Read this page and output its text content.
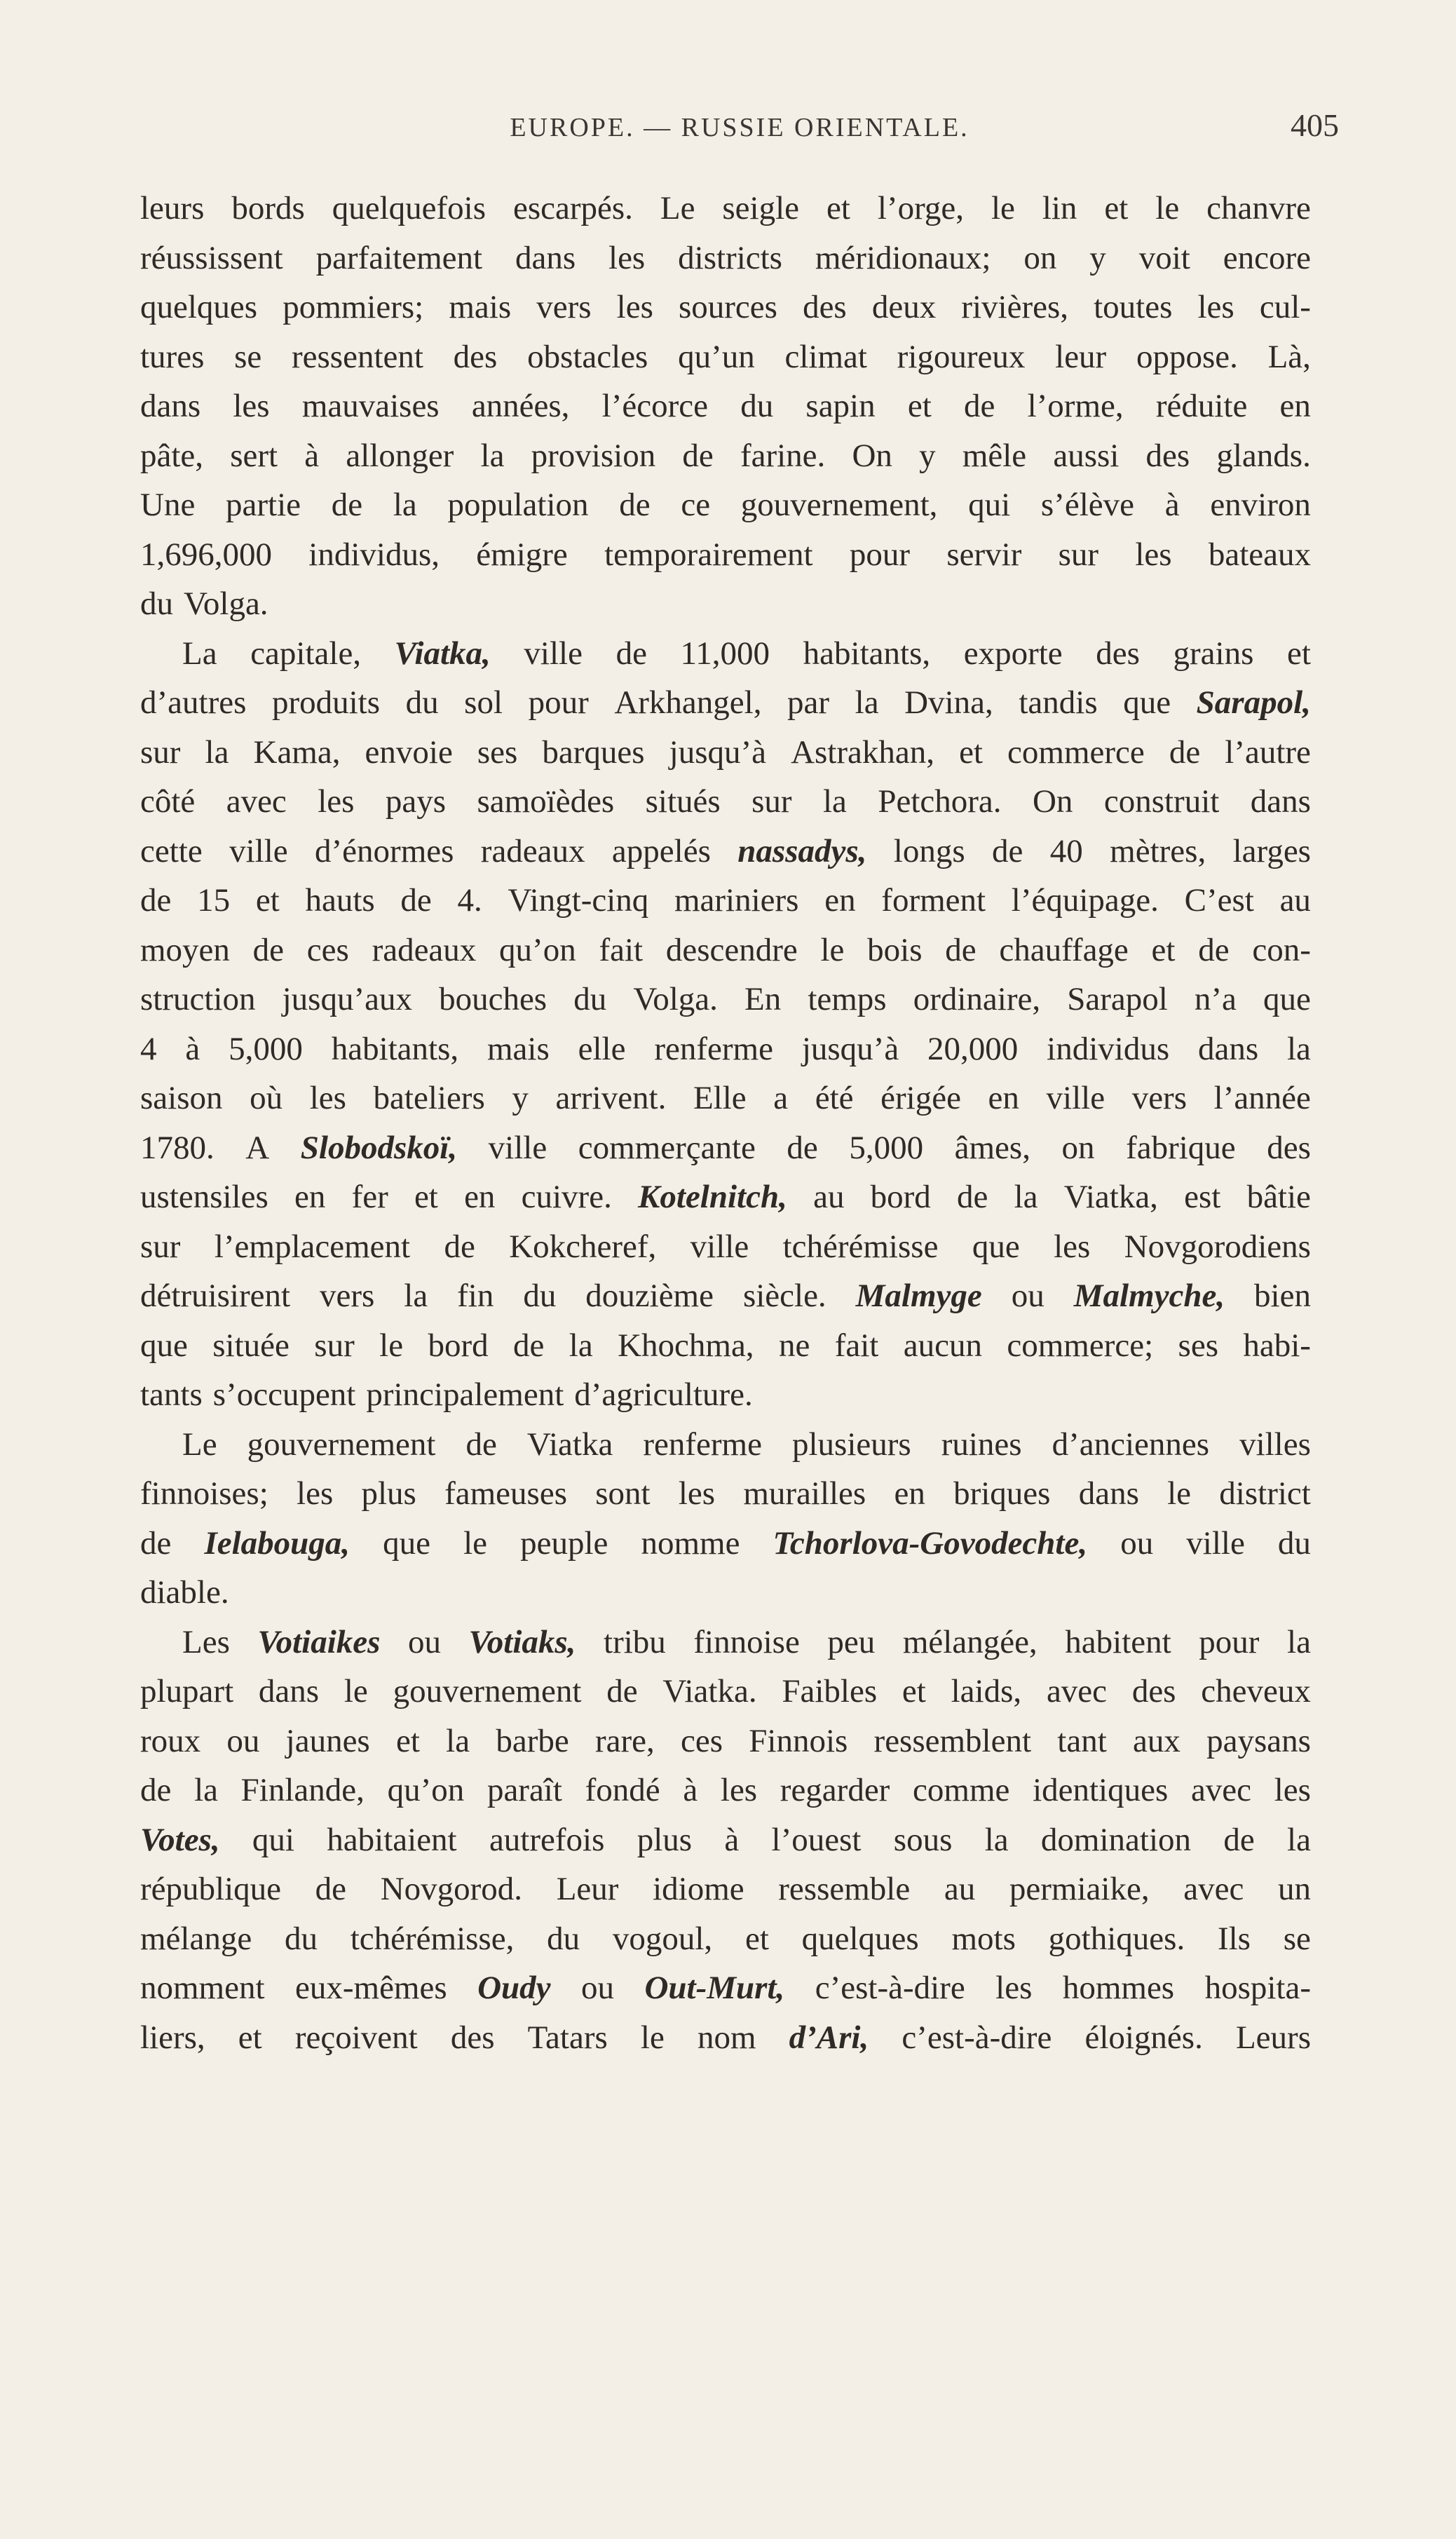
EUROPE. — RUSSIE ORIENTALE.	405
leurs bords quelquefois escarpés. Le seigle et l’orge, le lin et le chanvre
réussissent parfaitement dans les districts méridionaux; on y voit encore
quelques pommiers; mais vers les sources des deux rivières, toutes les cul-
tures se ressentent des obstacles qu’un climat rigoureux leur oppose. Là,
dans les mauvaises années, l’écorce du sapin et de l’orme, réduite en
pâte, sert à allonger la provision de farine. On y mêle aussi des glands.
Une partie de la population de ce gouvernement, qui s’élève à environ
1,696,000 individus, émigre temporairement pour servir sur les bateaux
du Volga.
La capitale, Viatka, ville de 11,000 habitants, exporte des grains et
d’autres produits du sol pour Arkhangel, par la Dvina, tandis que Sarapol,
sur la Kama, envoie ses barques jusqu’à Astrakhan, et commerce de l’autre
côté avec les pays samoïèdes situés sur la Petchora. On construit dans
cette ville d’énormes radeaux appelés nassadys, longs de 40 mètres, larges
de 15 et hauts de 4. Vingt-cinq mariniers en forment l’équipage. C’est au
moyen de ces radeaux qu’on fait descendre le bois de chauffage et de con-
struction jusqu’aux bouches du Volga. En temps ordinaire, Sarapol n’a que
4 à 5,000 habitants, mais elle renferme jusqu’à 20,000 individus dans la
saison où les bateliers y arrivent. Elle a été érigée en ville vers l’année
1780. A Slobodskoï, ville commerçante de 5,000 âmes, on fabrique des
ustensiles en fer et en cuivre. Kotelnitch, au bord de la Viatka, est bâtie
sur l’emplacement de Kokcheref, ville tchérémisse que les Novgorodiens
détruisirent vers la fin du douzième siècle. Malmyge ou Malmyche, bien
que située sur le bord de la Khochma, ne fait aucun commerce; ses habi-
tants s’occupent principalement d’agriculture.
Le gouvernement de Viatka renferme plusieurs ruines d’anciennes villes
finnoises; les plus fameuses sont les murailles en briques dans le district
de Ielabouga, que le peuple nomme Tchorlova-Govodechte, ou ville du
diable.
Les Votiaikes ou Votiaks, tribu finnoise peu mélangée, habitent pour la
plupart dans le gouvernement de Viatka. Faibles et laids, avec des cheveux
roux ou jaunes et la barbe rare, ces Finnois ressemblent tant aux paysans
de la Finlande, qu’on paraît fondé à les regarder comme identiques avec les
Votes, qui habitaient autrefois plus à l’ouest sous la domination de la
république de Novgorod. Leur idiome ressemble au permiaike, avec un
mélange du tchérémisse, du vogoul, et quelques mots gothiques. Ils se
nomment eux-mêmes Oudy ou Out-Murt, c’est-à-dire les hommes hospita-
liers, et reçoivent des Tatars le nom d’Ari, c’est-à-dire éloignés. Leurs
